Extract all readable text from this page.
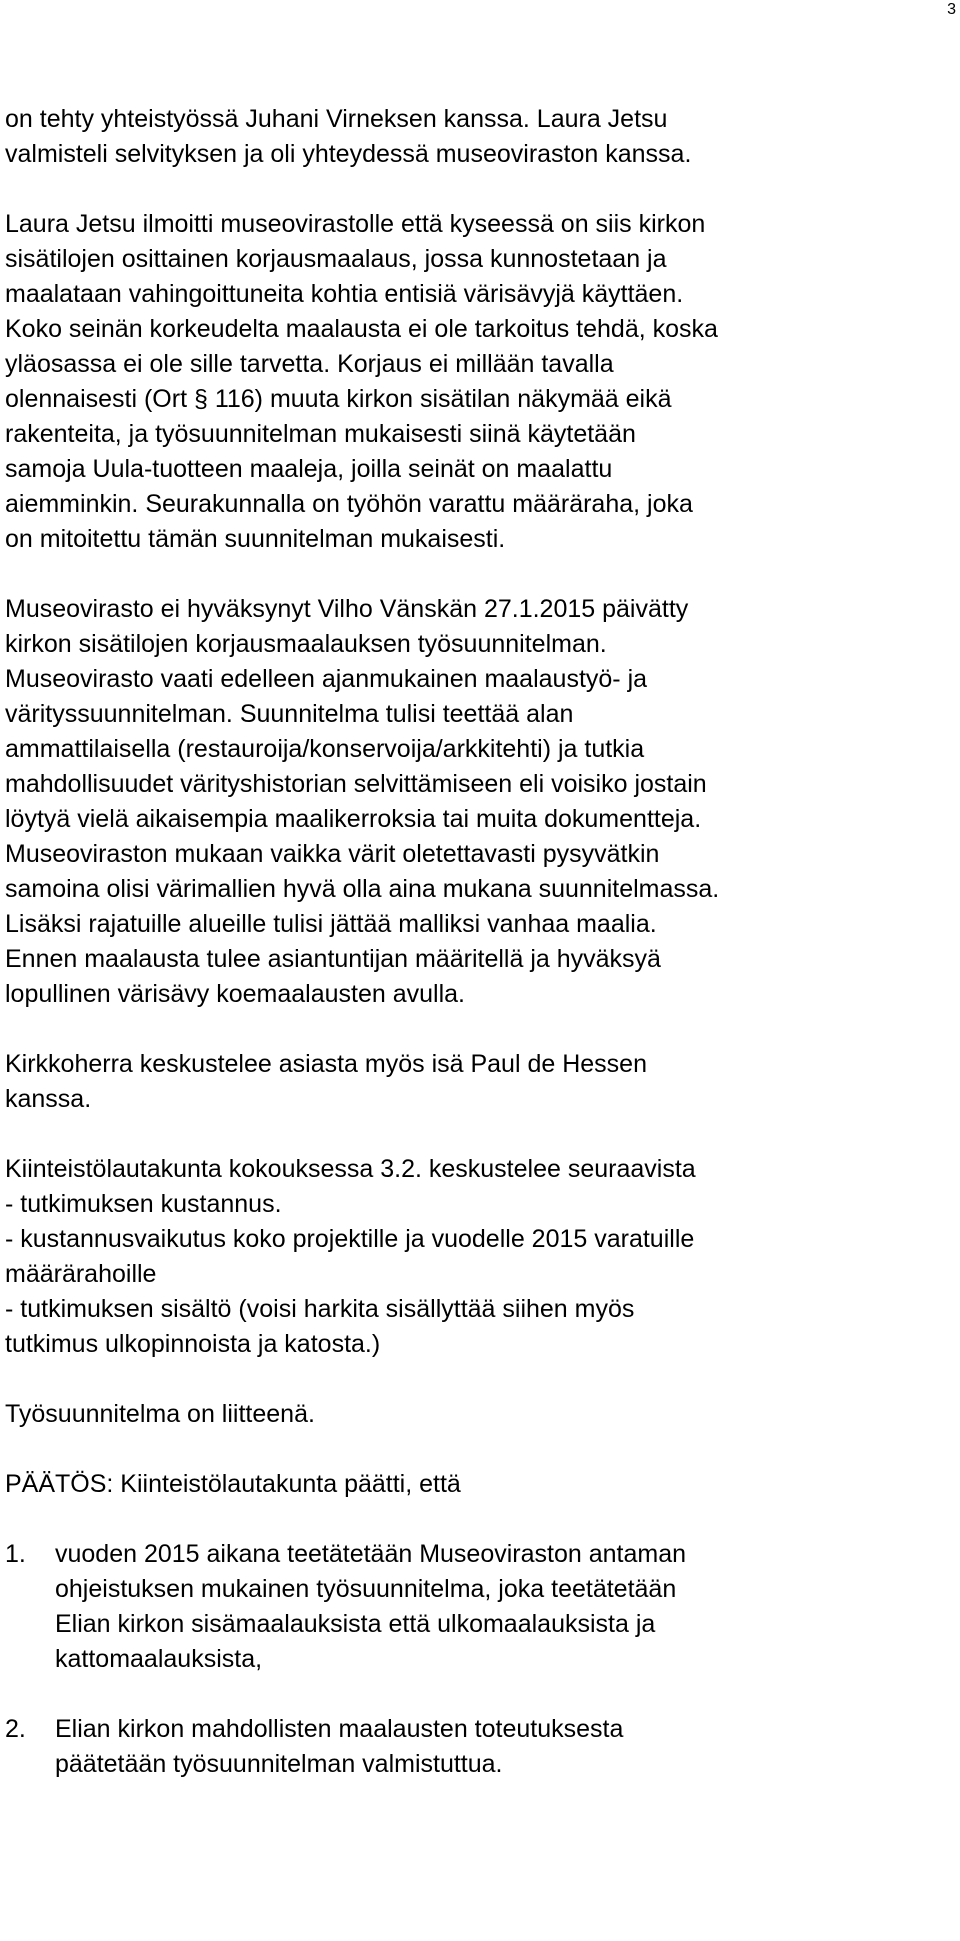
3
on tehty yhteistyössä Juhani Virneksen kanssa. Laura Jetsu
valmisteli selvityksen ja oli yhteydessä museoviraston kanssa.
Laura Jetsu ilmoitti museovirastolle että kyseessä on siis kirkon
sisätilojen osittainen korjausmaalaus, jossa kunnostetaan ja
maalataan vahingoittuneita kohtia entisiä värisävyjä käyttäen.
Koko seinän korkeudelta maalausta ei ole tarkoitus tehdä, koska
yläosassa ei ole sille tarvetta. Korjaus ei millään tavalla
olennaisesti (Ort § 116) muuta kirkon sisätilan näkymää eikä
rakenteita, ja työsuunnitelman mukaisesti siinä käytetään
samoja Uula-tuotteen maaleja, joilla seinät on maalattu
aiemminkin. Seurakunnalla on työhön varattu määräraha, joka
on mitoitettu tämän suunnitelman mukaisesti.
Museovirasto ei hyväksynyt Vilho Vänskän 27.1.2015 päivätty
kirkon sisätilojen korjausmaalauksen työsuunnitelman.
Museovirasto vaati edelleen ajanmukainen maalaustyö- ja
värityssuunnitelman. Suunnitelma tulisi teettää alan
ammattilaisella (restauroija/konservoija/arkkitehti) ja tutkia
mahdollisuudet värityshistorian selvittämiseen eli voisiko jostain
löytyä vielä aikaisempia maalikerroksia tai muita dokumentteja.
Museoviraston mukaan vaikka värit oletettavasti pysyvätkin
samoina olisi värimallien hyvä olla aina mukana suunnitelmassa.
Lisäksi rajatuille alueille tulisi jättää malliksi vanhaa maalia.
Ennen maalausta tulee asiantuntijan määritellä ja hyväksyä
lopullinen värisävy koemaalausten avulla.
Kirkkoherra keskustelee asiasta myös isä Paul de Hessen
kanssa.
Kiinteistölautakunta kokouksessa 3.2. keskustelee seuraavista
- tutkimuksen kustannus.
- kustannusvaikutus koko projektille ja vuodelle 2015 varatuille
määrärahoille
- tutkimuksen sisältö (voisi harkita sisällyttää siihen myös
tutkimus ulkopinnoista ja katosta.)
Työsuunnitelma on liitteenä.
PÄÄTÖS: Kiinteistölautakunta päätti, että
1. vuoden 2015 aikana teetätetään Museoviraston antaman
ohjeistuksen mukainen työsuunnitelma, joka teetätetään
Elian kirkon sisämaalauksista että ulkomaalauksista ja
kattomaalauksista,
2. Elian kirkon mahdollisten maalausten toteutuksesta
päätetään työsuunnitelman valmistuttua.
